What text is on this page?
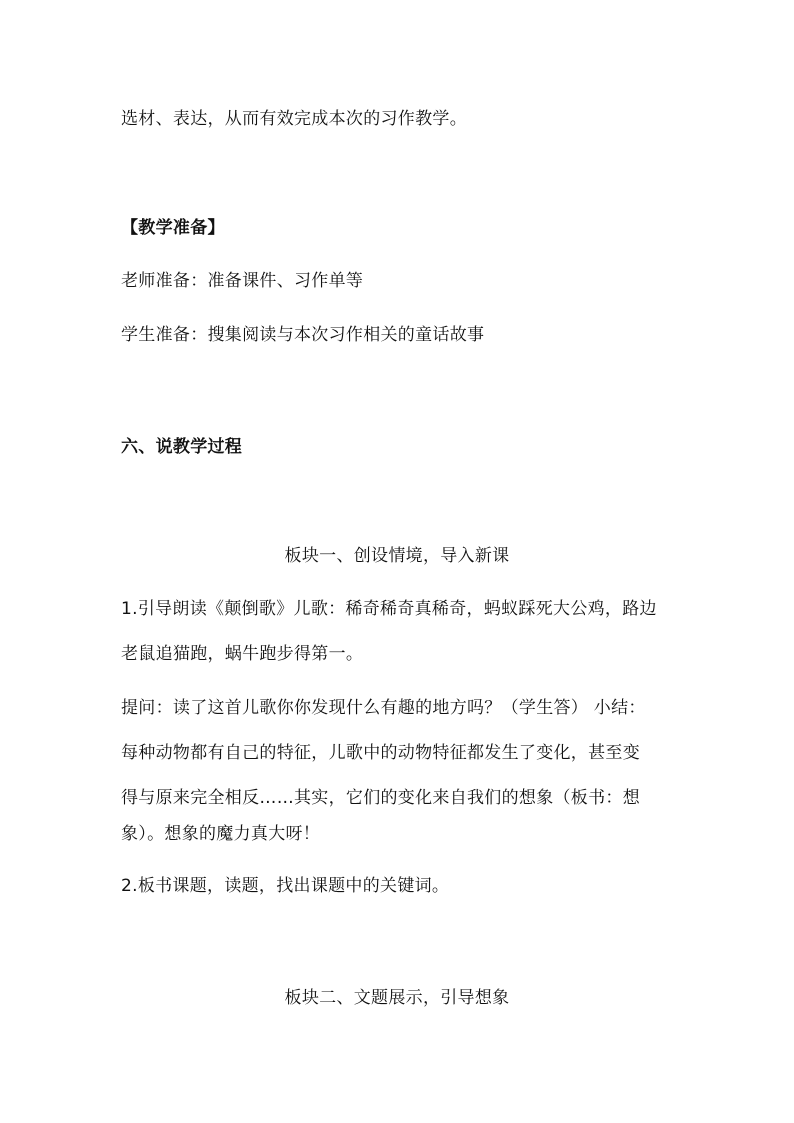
选材、表达，从而有效完成本次的习作教学。
【教学准备】
老师准备：准备课件、习作单等
学生准备：搜集阅读与本次习作相关的童话故事
六、说教学过程
板块一、创设情境，导入新课
1.引导朗读《颠倒歌》儿歌：稀奇稀奇真稀奇，蚂蚁踩死大公鸡，路边
老鼠追猫跑，蜗牛跑步得第一。
提问：读了这首儿歌你你发现什么有趣的地方吗？（学生答） 小结：
每种动物都有自己的特征，儿歌中的动物特征都发生了变化，甚至变
得与原来完全相反……其实，它们的变化来自我们的想象（板书：想
象）。想象的魔力真大呀！
2.板书课题，读题，找出课题中的关键词。
板块二、文题展示，引导想象
